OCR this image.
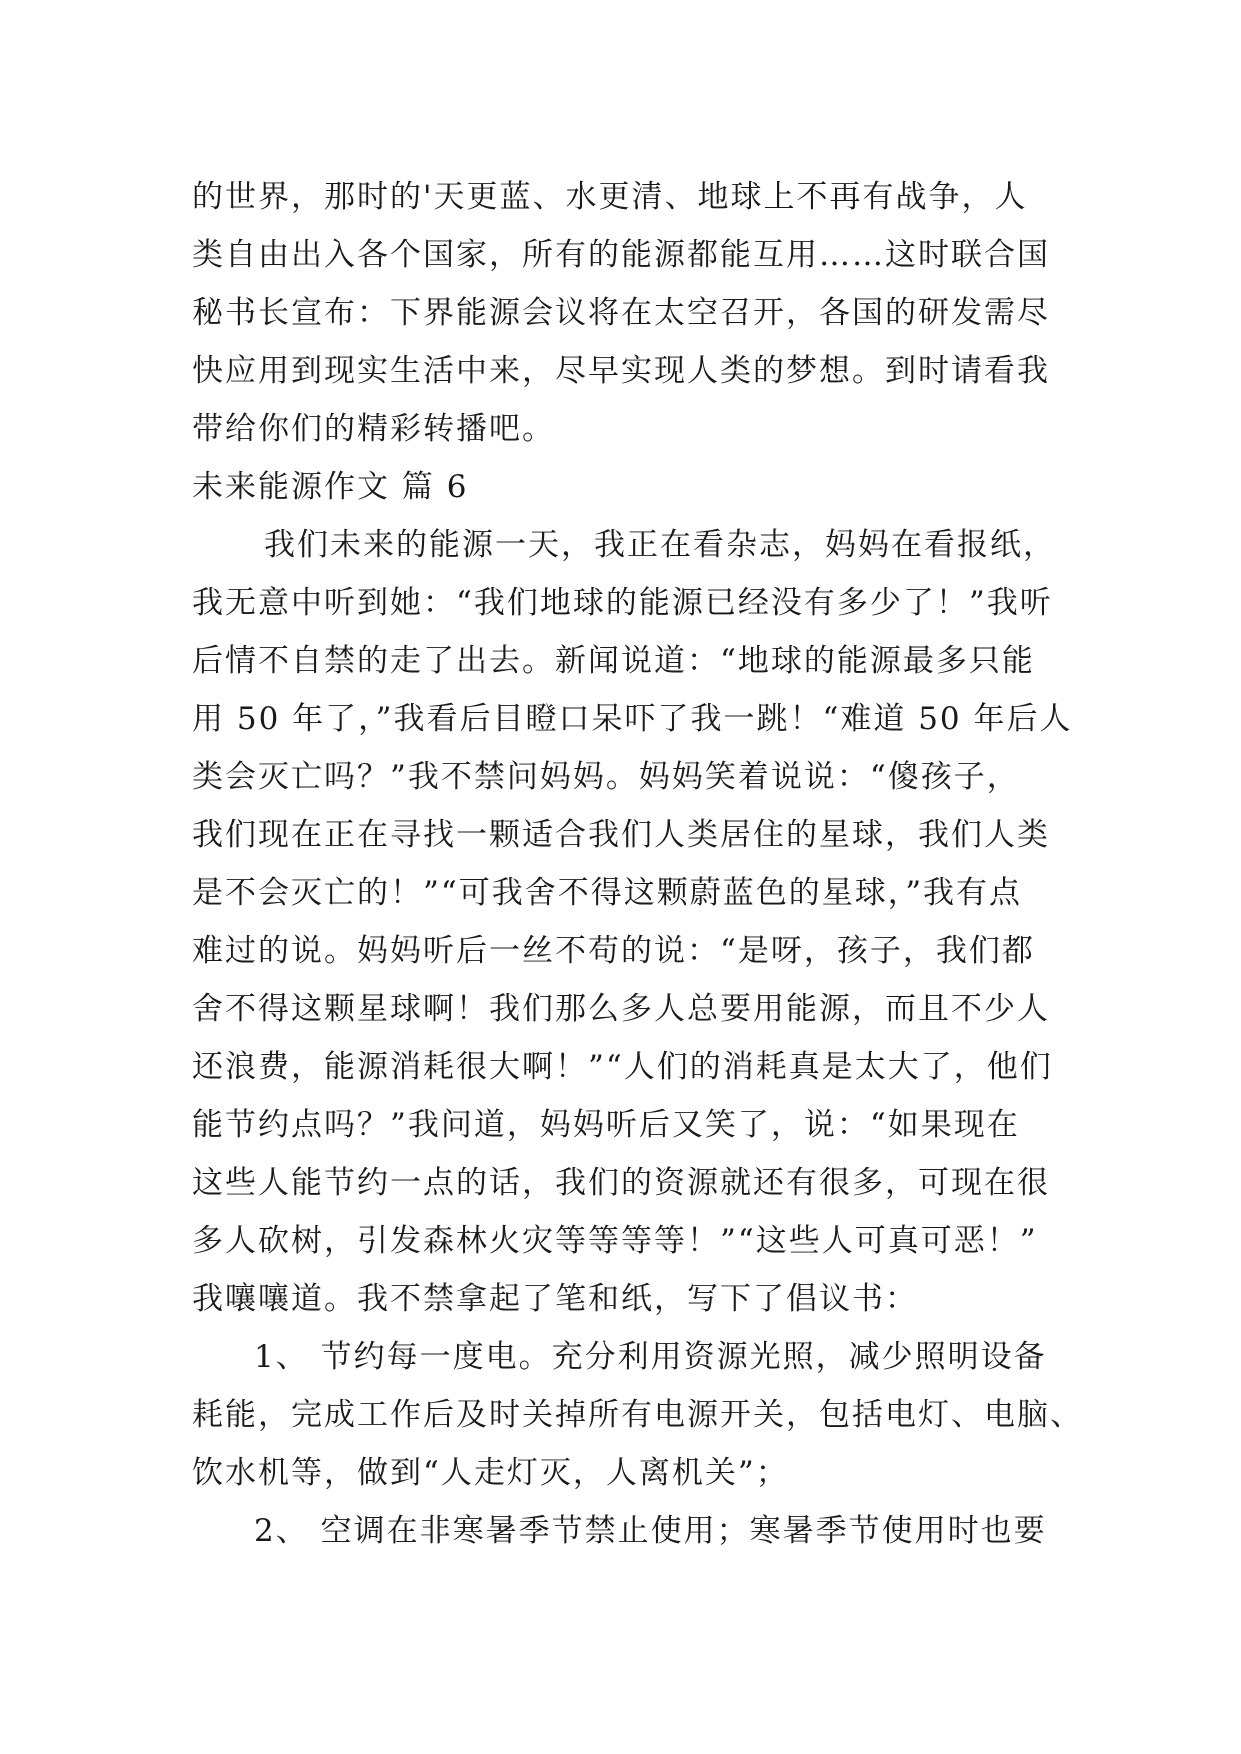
的世界，那时的'天更蓝、水更清、地球上不再有战争，人
类自由出入各个国家，所有的能源都能互用……这时联合国
秘书长宣布：下界能源会议将在太空召开，各国的研发需尽
快应用到现实生活中来，尽早实现人类的梦想。到时请看我
带给你们的精彩转播吧。
未来能源作文 篇 6
我们未来的能源一天，我正在看杂志，妈妈在看报纸，
我无意中听到她：“我们地球的能源已经没有多少了！”我听
后情不自禁的走了出去。新闻说道：“地球的能源最多只能
用 50 年了，”我看后目瞪口呆吓了我一跳！“难道 50 年后人
类会灭亡吗？”我不禁问妈妈。妈妈笑着说说：“傻孩子，
我们现在正在寻找一颗适合我们人类居住的星球，我们人类
是不会灭亡的！”“可我舍不得这颗蔚蓝色的星球，”我有点
难过的说。妈妈听后一丝不苟的说：“是呀，孩子，我们都
舍不得这颗星球啊！我们那么多人总要用能源，而且不少人
还浪费，能源消耗很大啊！”“人们的消耗真是太大了，他们
能节约点吗？”我问道，妈妈听后又笑了，说：“如果现在
这些人能节约一点的话，我们的资源就还有很多，可现在很
多人砍树，引发森林火灾等等等等！”“这些人可真可恶！”
我嚷嚷道。我不禁拿起了笔和纸，写下了倡议书：
1、 节约每一度电。充分利用资源光照，减少照明设备
耗能，完成工作后及时关掉所有电源开关，包括电灯、电脑、
饮水机等，做到“人走灯灭，人离机关”；
2、 空调在非寒暑季节禁止使用；寒暑季节使用时也要
